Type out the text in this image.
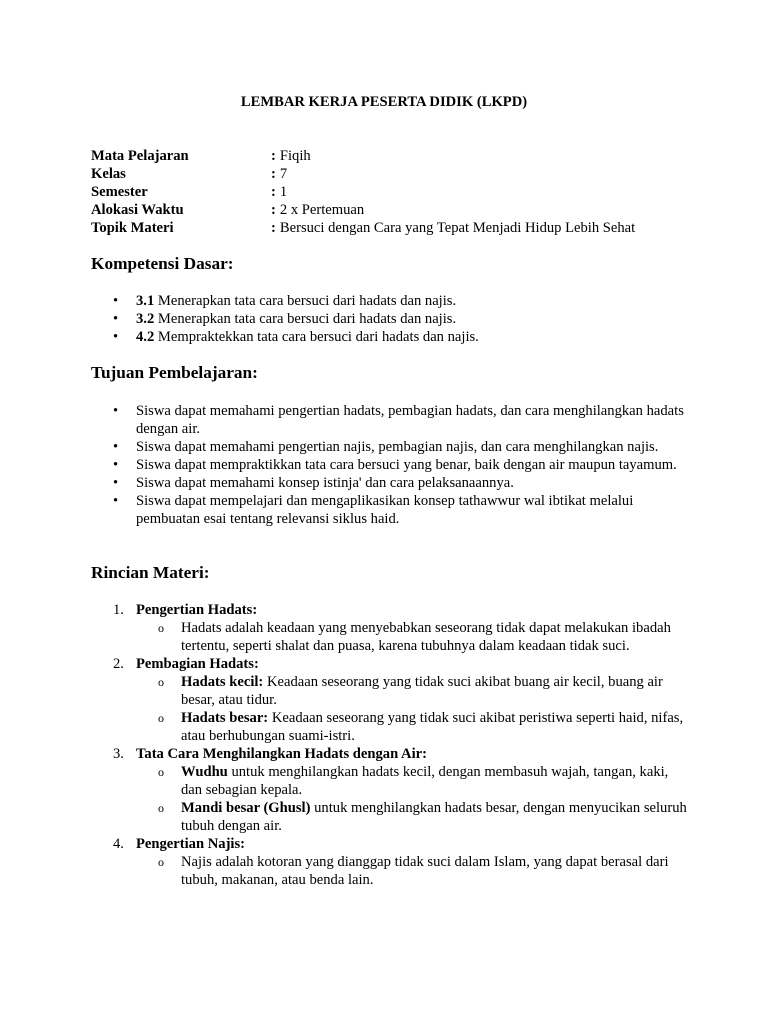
LEMBAR KERJA PESERTA DIDIK (LKPD)
Mata Pelajaran	: Fiqih
Kelas	: 7
Semester	: 1
Alokasi Waktu	: 2 x Pertemuan
Topik Materi	: Bersuci dengan Cara yang Tepat Menjadi Hidup Lebih Sehat
Kompetensi Dasar:
• 3.1 Menerapkan tata cara bersuci dari hadats dan najis.
• 3.2 Menerapkan tata cara bersuci dari hadats dan najis.
• 4.2 Mempraktekkan tata cara bersuci dari hadats dan najis.
Tujuan Pembelajaran:
• Siswa dapat memahami pengertian hadats, pembagian hadats, dan cara menghilangkan hadats dengan air.
• Siswa dapat memahami pengertian najis, pembagian najis, dan cara menghilangkan najis.
• Siswa dapat mempraktikkan tata cara bersuci yang benar, baik dengan air maupun tayamum.
• Siswa dapat memahami konsep istinja' dan cara pelaksanaannya.
• Siswa dapat mempelajari dan mengaplikasikan konsep tathawwur wal ibtikat melalui pembuatan esai tentang relevansi siklus haid.
Rincian Materi:
1. Pengertian Hadats:
o Hadats adalah keadaan yang menyebabkan seseorang tidak dapat melakukan ibadah tertentu, seperti shalat dan puasa, karena tubuhnya dalam keadaan tidak suci.
2. Pembagian Hadats:
o Hadats kecil: Keadaan seseorang yang tidak suci akibat buang air kecil, buang air besar, atau tidur.
o Hadats besar: Keadaan seseorang yang tidak suci akibat peristiwa seperti haid, nifas, atau berhubungan suami-istri.
3. Tata Cara Menghilangkan Hadats dengan Air:
o Wudhu untuk menghilangkan hadats kecil, dengan membasuh wajah, tangan, kaki, dan sebagian kepala.
o Mandi besar (Ghusl) untuk menghilangkan hadats besar, dengan menyucikan seluruh tubuh dengan air.
4. Pengertian Najis:
o Najis adalah kotoran yang dianggap tidak suci dalam Islam, yang dapat berasal dari tubuh, makanan, atau benda lain.
